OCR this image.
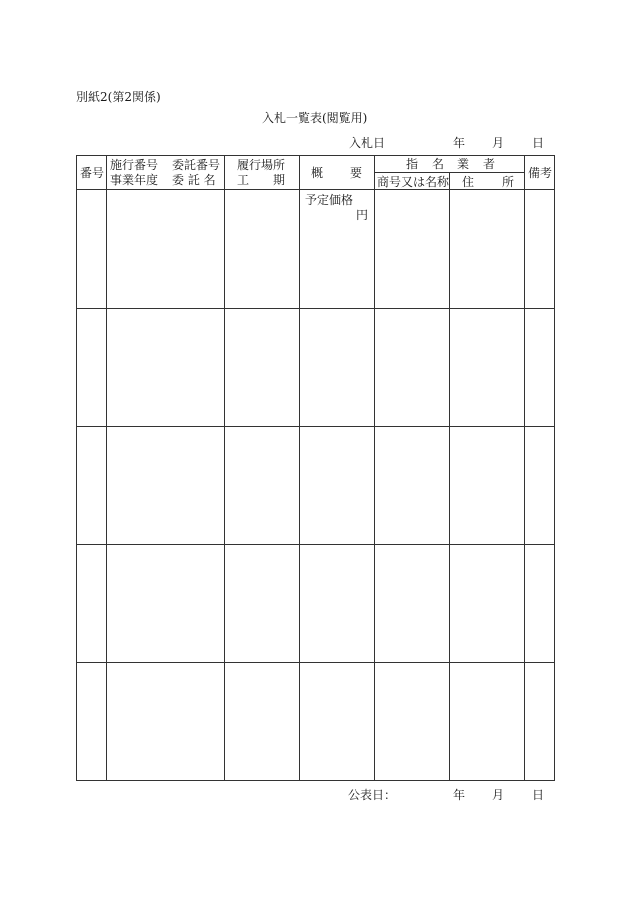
別紙2(第2関係)
入札一覧表(閲覧用)
入札日	年 月 日
番号
施行番号 委託番号
事業年度 委 託 名
履行場所
工 期 概 要
指 名 業 者
商号又は名称 住 所
備考
予定価格
円
公表日：	年 月 日
